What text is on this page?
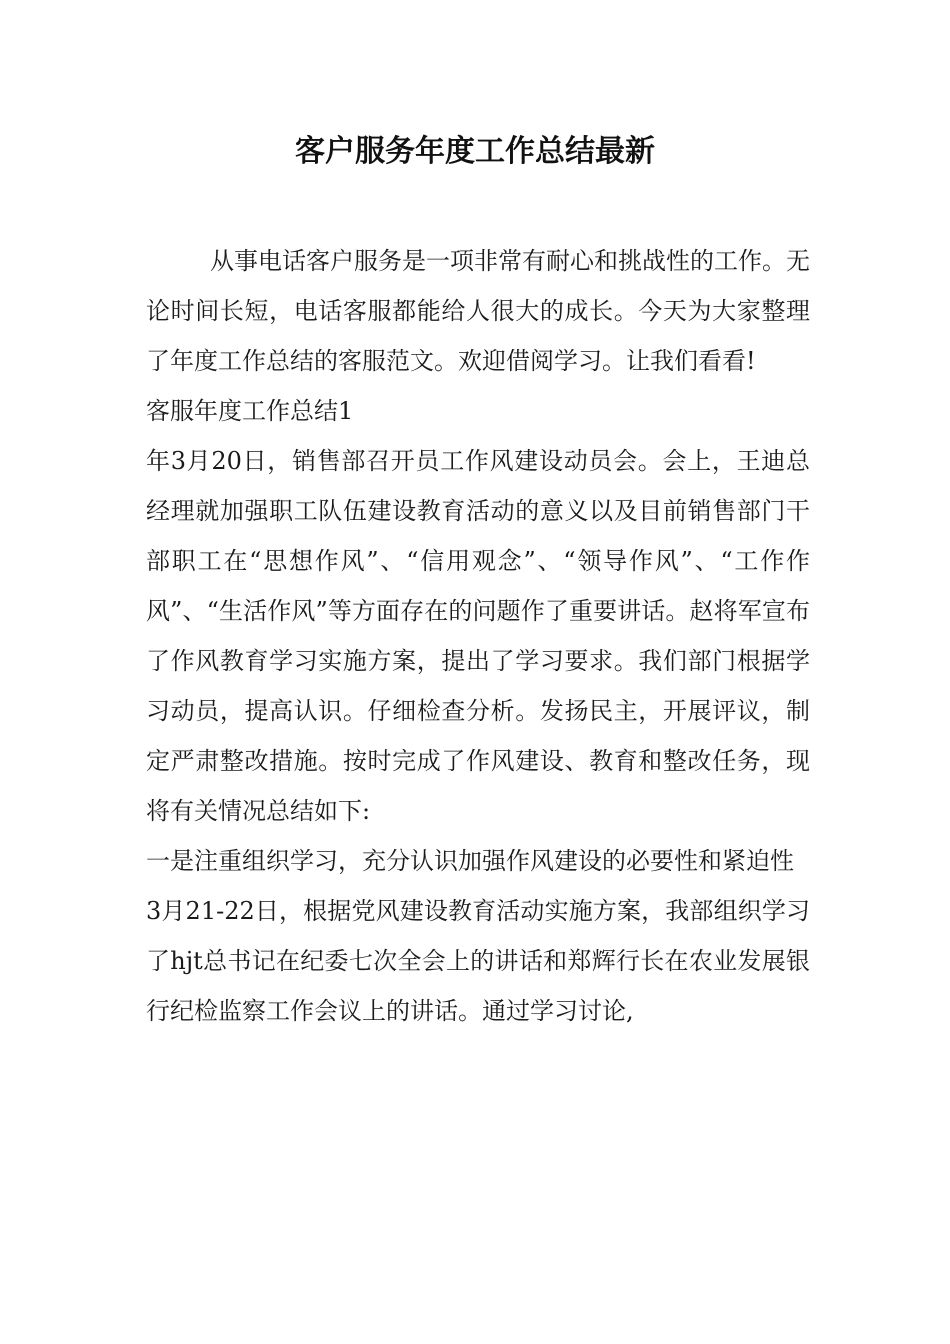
客户服务年度工作总结最新

从事电话客户服务是一项非常有耐心和挑战性的工作。无论时间长短，电话客服都能给人很大的成长。今天为大家整理了年度工作总结的客服范文。欢迎借阅学习。让我们看看!

客服年度工作总结1

年3月20日，销售部召开员工作风建设动员会。会上，王迪总经理就加强职工队伍建设教育活动的意义以及目前销售部门干部职工在“思想作风”、“信用观念”、“领导作风”、“工作作风”、“生活作风”等方面存在的问题作了重要讲话。赵将军宣布了作风教育学习实施方案，提出了学习要求。我们部门根据学习动员，提高认识。仔细检查分析。发扬民主，开展评议，制定严肃整改措施。按时完成了作风建设、教育和整改任务，现将有关情况总结如下:

一是注重组织学习，充分认识加强作风建设的必要性和紧迫性

3月21-22日，根据党风建设教育活动实施方案，我部组织学习了hjt总书记在纪委七次全会上的讲话和郑辉行长在农业发展银行纪检监察工作会议上的讲话。通过学习讨论,
